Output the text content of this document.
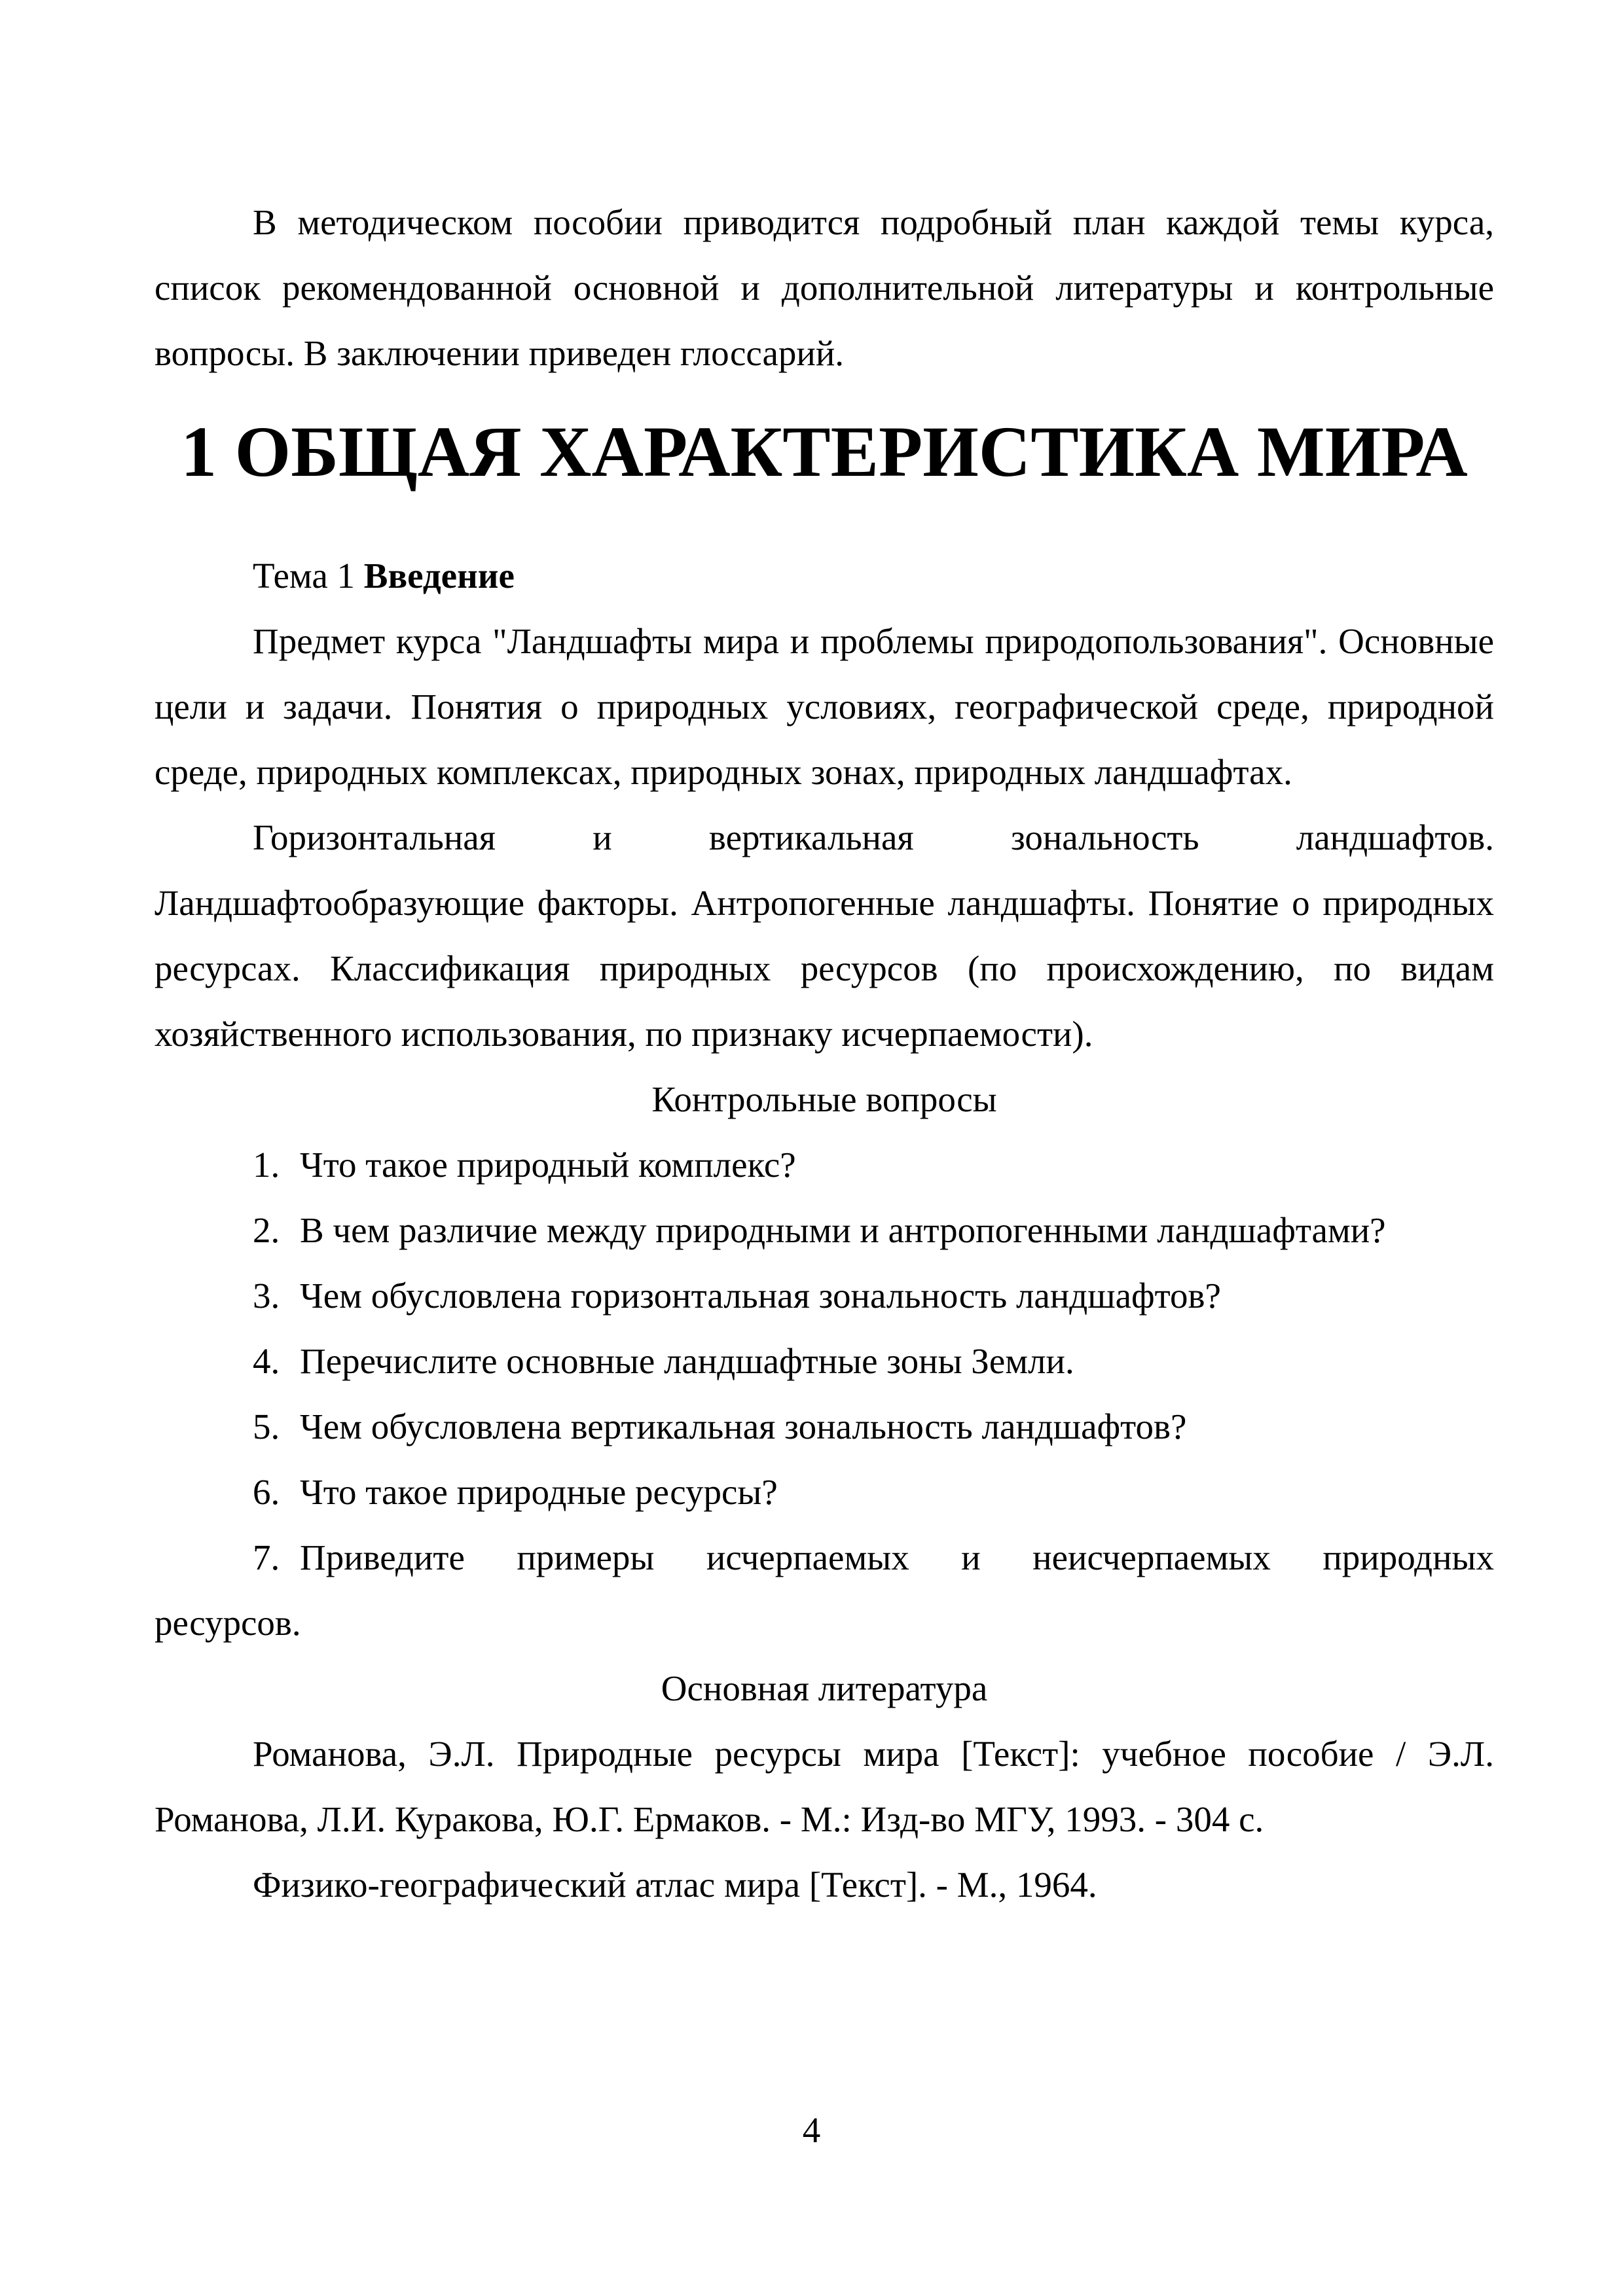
В методическом пособии приводится подробный план каждой темы курса, список рекомендованной основной и дополнительной литературы и контрольные вопросы. В заключении приведен глоссарий.

1 ОБЩАЯ ХАРАКТЕРИСТИКА МИРА

Тема 1 Введение

Предмет курса "Ландшафты мира и проблемы природопользования". Основные цели и задачи. Понятия о природных условиях, географической среде, природной среде, природных комплексах, природных зонах, природных ландшафтах.

Горизонтальная и вертикальная зональность ландшафтов. Ландшафтообразующие факторы. Антропогенные ландшафты. Понятие о природных ресурсах. Классификация природных ресурсов (по происхождению, по видам хозяйственного использования, по признаку исчерпаемости).

Контрольные вопросы

1. Что такое природный комплекс?
2. В чем различие между природными и антропогенными ландшафтами?
3. Чем обусловлена горизонтальная зональность ландшафтов?
4. Перечислите основные ландшафтные зоны Земли.
5. Чем обусловлена вертикальная зональность ландшафтов?
6. Что такое природные ресурсы?
7. Приведите примеры исчерпаемых и неисчерпаемых природных
ресурсов.

Основная литература

Романова, Э.Л. Природные ресурсы мира [Текст]: учебное пособие / Э.Л. Романова, Л.И. Куракова, Ю.Г. Ермаков. - М.: Изд-во МГУ, 1993. - 304 с.

Физико-географический атлас мира [Текст]. - М., 1964.

4
